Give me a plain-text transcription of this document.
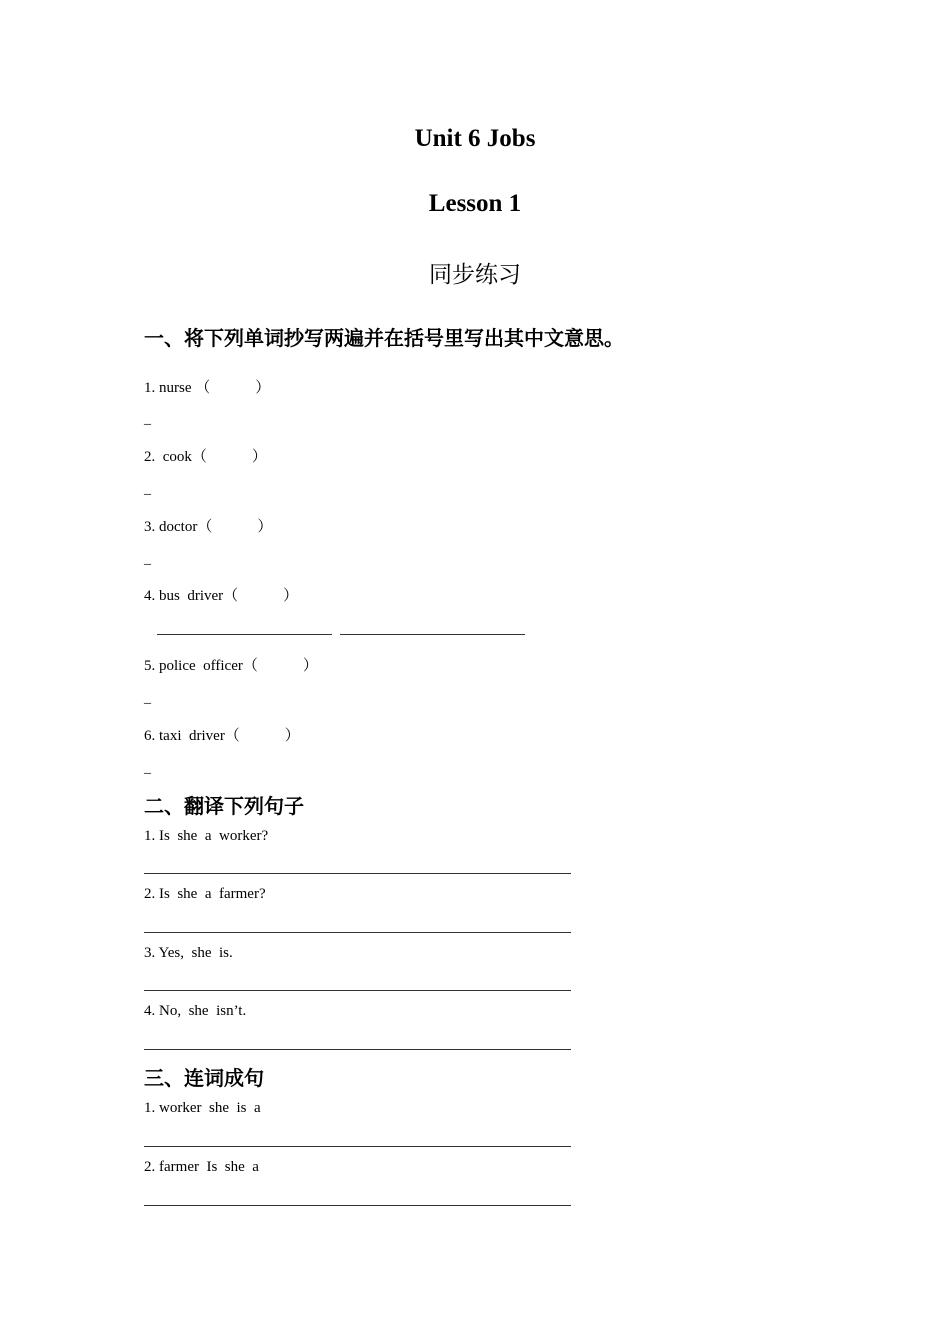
Unit 6 Jobs
Lesson 1
同步练习
一、将下列单词抄写两遍并在括号里写出其中文意思。
1. nurse （            ）
_
2.  cook（            ）
_
3. doctor（            ）
_
4. bus  driver（            ）
5. police  officer（            ）
_
6. taxi  driver（            ）
_
二、翻译下列句子
1. Is  she  a  worker?
2. Is  she  a  farmer?
3. Yes,  she  is.
4. No,  she  isn’t.
三、连词成句
1. worker  she  is  a
2. farmer  Is  she  a
